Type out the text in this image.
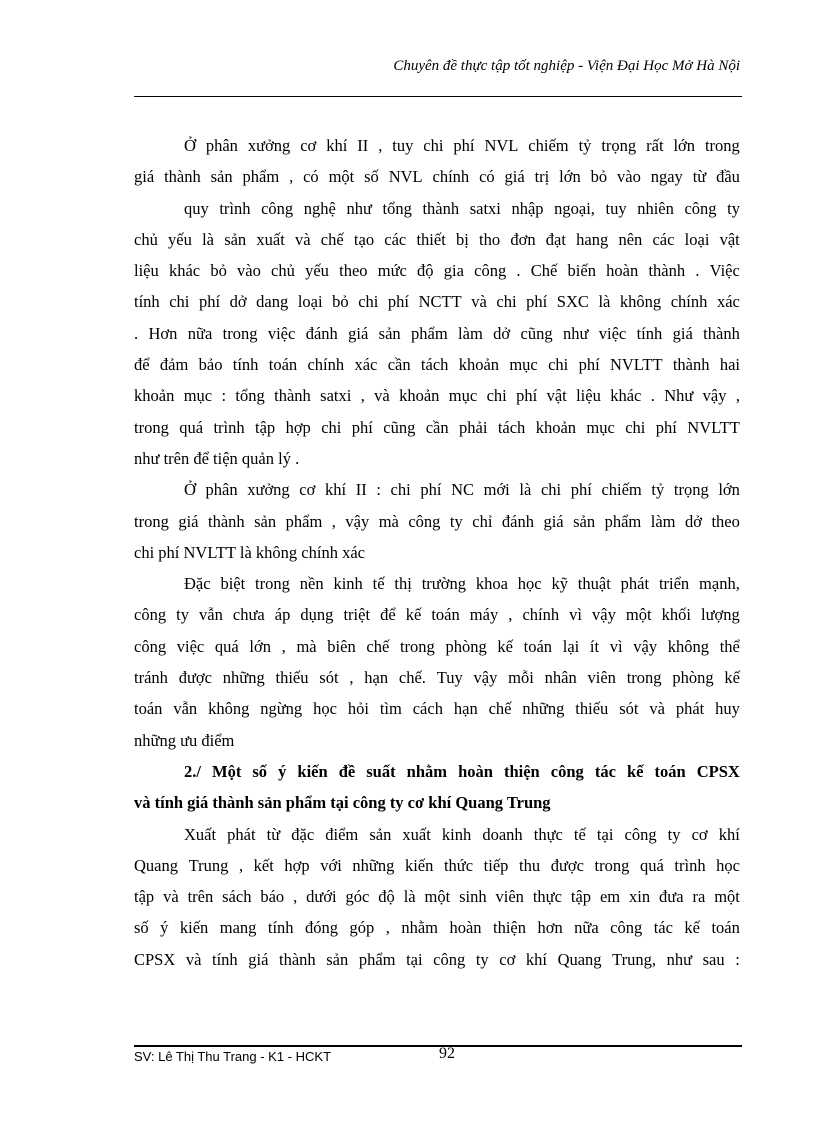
Chuyên đề thực tập tốt nghiệp - Viện Đại Học Mở Hà Nội
Ở phân xưởng cơ khí II , tuy chi phí NVL chiếm tỷ trọng rất lớn trong
giá thành sản phẩm , có một số NVL chính có giá trị lớn bỏ vào ngay từ đầu
quy trình công nghệ như tổng thành satxi nhập ngoại, tuy nhiên công ty
chủ yếu là sản xuất và chế tạo các thiết bị tho đơn đạt hang nên các loại vật
liệu khác bỏ vào chủ yếu theo mức độ gia công . Chế biến hoàn thành . Việc
tính chi phí dở dang loại bỏ chi phí NCTT và chi phí SXC là không chính xác
. Hơn nữa trong việc đánh giá sản phẩm làm dở cũng như việc tính giá thành
để đảm bảo tính toán chính xác cần tách khoản mục chi phí NVLTT thành hai
khoản mục : tổng thành satxi , và khoản mục chi phí vật liệu khác . Như vậy ,
trong quá trình tập hợp chi phí cũng cần phải tách khoản mục chi phí NVLTT
như trên để tiện quản lý .
Ở phân xưởng cơ khí II : chi phí NC mới là chi phí chiếm tỷ trọng lớn
trong giá thành sản phẩm , vậy mà công ty chỉ đánh giá sản phẩm làm dở theo
chi phí NVLTT là không chính xác
Đặc biệt trong nền kinh tế thị trường khoa học kỹ thuật phát triển mạnh,
công ty vẫn chưa áp dụng triệt để kế toán máy , chính vì vậy một khối lượng
công việc quá lớn , mà biên chế trong phòng kế toán lại ít vì vậy không thể
tránh được những thiếu sót , hạn chế. Tuy vậy mỗi nhân viên trong phòng kế
toán vẫn không ngừng học hỏi tìm cách hạn chế những thiếu sót và phát huy
những ưu điểm
2./ Một số ý kiến đề suất nhằm hoàn thiện công tác kế toán CPSX
và tính giá thành sản phẩm tại công ty cơ khí Quang Trung
Xuất phát từ đặc điểm sản xuất kinh doanh thực tế tại công ty cơ khí
Quang Trung , kết hợp với những kiến thức tiếp thu được trong quá trình học
tập và trên sách báo , dưới góc độ là một sinh viên thực tập em xin đưa ra một
số ý kiến mang tính đóng góp , nhằm hoàn thiện hơn nữa công tác kế toán
CPSX và tính giá thành sản phẩm tại công ty cơ khí Quang Trung, như sau :
SV: Lê Thị Thu Trang - K1 - HCKT	92
